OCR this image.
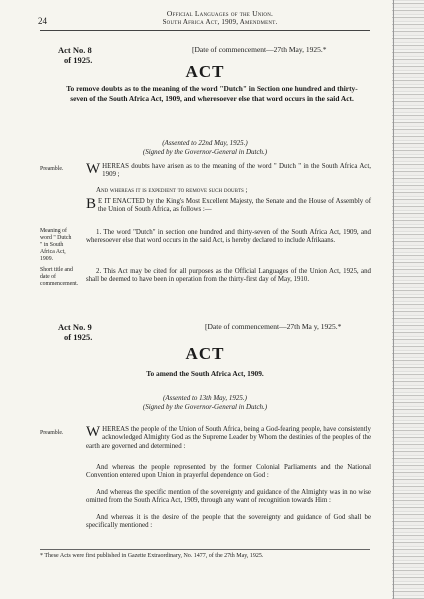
24
Official Languages of the Union.
South Africa Act, 1909, Amendment.
Act No. 8
of 1925.
[Date of commencement—27th May, 1925.*
ACT
To remove doubts as to the meaning of the word "Dutch" in Section one hundred and thirty-seven of the South Africa Act, 1909, and wheresoever else that word occurs in the said Act.
(Assented to 22nd May, 1925.)
(Signed by the Governor-General in Dutch.)
Preamble.	WHEREAS doubts have arisen as to the meaning of the word " Dutch " in the South Africa Act, 1909 ;
And whereas it is expedient to remove such doubts ;
B E IT ENACTED by the King's Most Excellent Majesty, the Senate and the House of Assembly of the Union of South Africa, as follows :—
Meaning of word " Dutch " in South Africa Act, 1909.
1. The word "Dutch" in section one hundred and thirty-seven of the South Africa Act, 1909, and wheresoever else that word occurs in the said Act, is hereby declared to include Afrikaans.
Short title and date of commencement.
2. This Act may be cited for all purposes as the Official Languages of the Union Act, 1925, and shall be deemed to have been in operation from the thirty-first day of May, 1910.
Act No. 9
of 1925.
[Date of commencement—27th Ma y, 1925.*
ACT
To amend the South Africa Act, 1909.
(Assented to 13th May, 1925.)
(Signed by the Governor-General in Dutch.)
Preamble.	WHEREAS the people of the Union of South Africa, being a God-fearing people, have consistently acknowledged Almighty God as the Supreme Leader by Whom the destinies of the peoples of the earth are governed and determined :
And whereas the people represented by the former Colonial Parliaments and the National Convention entered upon Union in prayerful dependence on God :
And whereas the specific mention of the sovereignty and guidance of the Almighty was in no wise omitted from the South Africa Act, 1909, through any want of recognition towards Him :
And whereas it is the desire of the people that the sovereignty and guidance of God shall be specifically mentioned :
* These Acts were first published in Gazette Extraordinary, No. 1477, of the 27th May, 1925.
